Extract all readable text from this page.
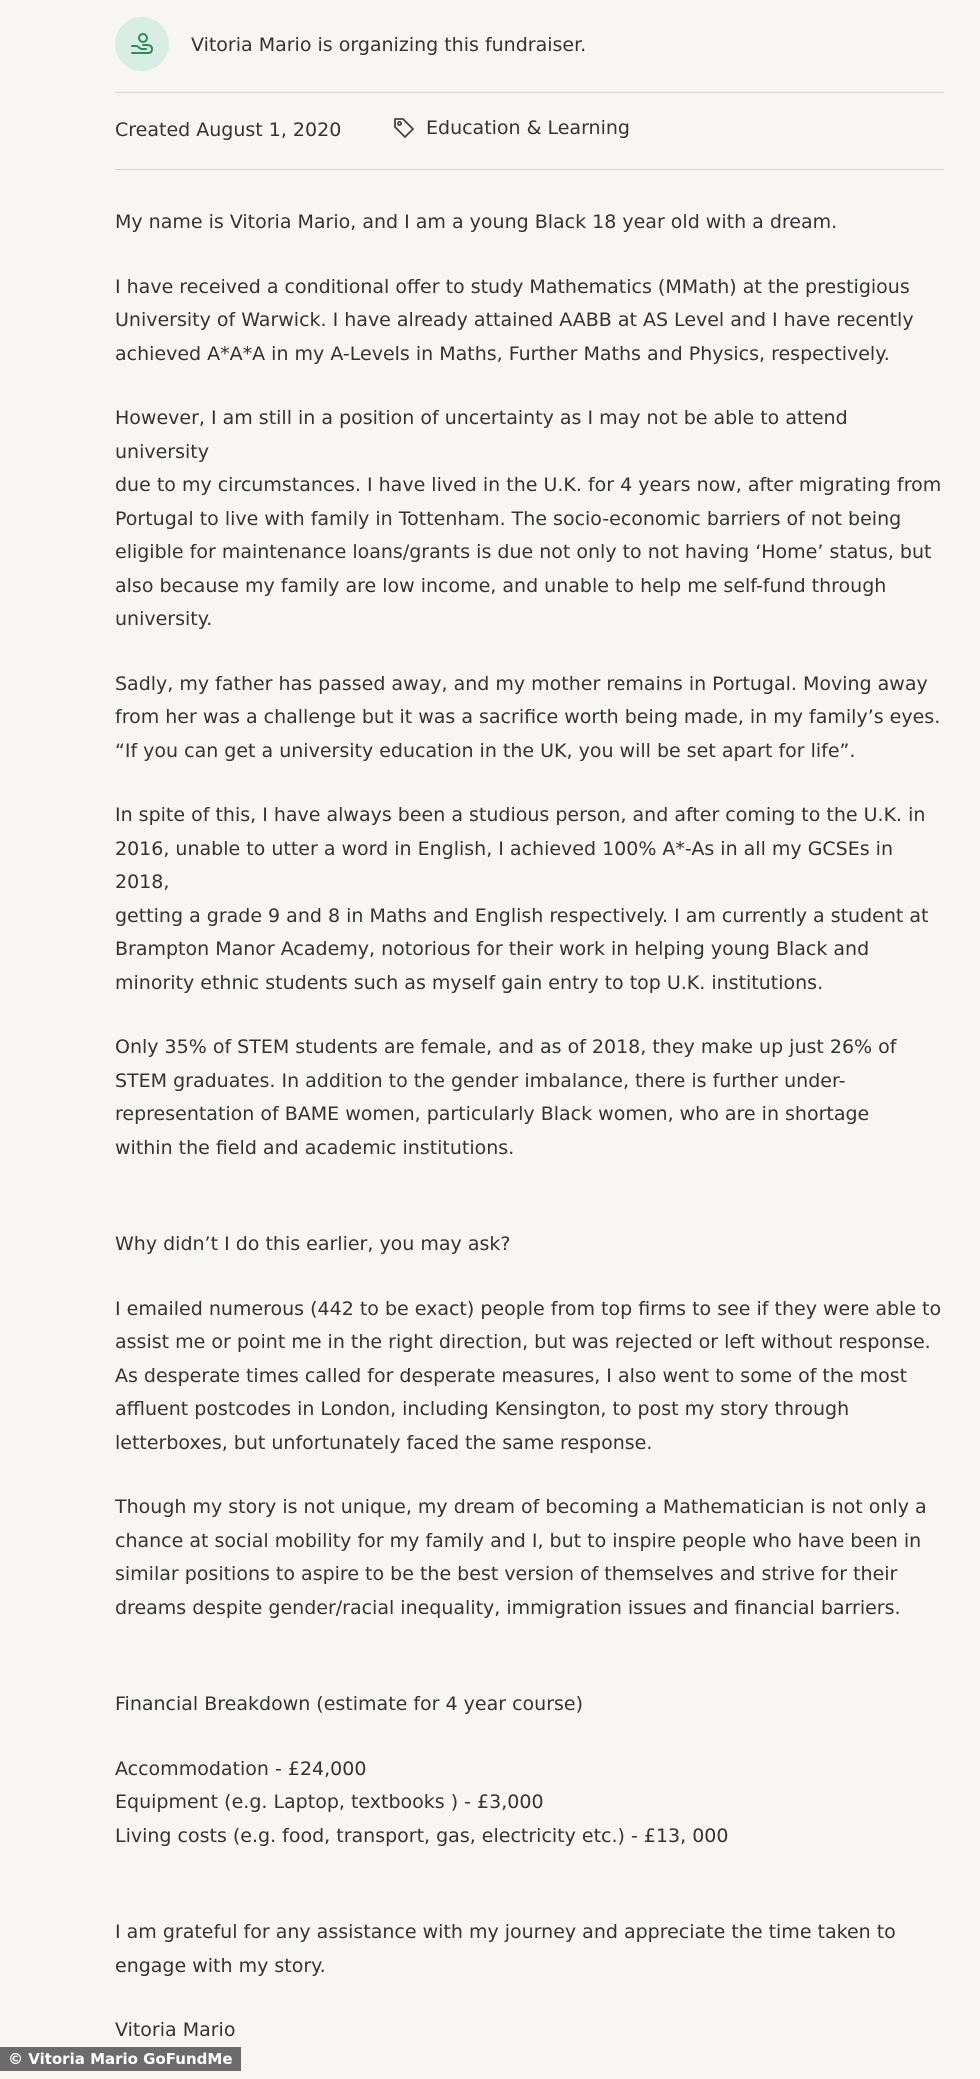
Vitoria Mario is organizing this fundraiser.
Created August 1, 2020	Education & Learning

My name is Vitoria Mario, and I am a young Black 18 year old with a dream.

I have received a conditional offer to study Mathematics (MMath) at the prestigious
University of Warwick. I have already attained AABB at AS Level and I have recently
achieved A*A*A in my A-Levels in Maths, Further Maths and Physics, respectively.

However, I am still in a position of uncertainty as I may not be able to attend university
due to my circumstances. I have lived in the U.K. for 4 years now, after migrating from
Portugal to live with family in Tottenham. The socio-economic barriers of not being
eligible for maintenance loans/grants is due not only to not having ‘Home’ status, but
also because my family are low income, and unable to help me self-fund through
university.

Sadly, my father has passed away, and my mother remains in Portugal. Moving away
from her was a challenge but it was a sacrifice worth being made, in my family’s eyes.
“If you can get a university education in the UK, you will be set apart for life”.

In spite of this, I have always been a studious person, and after coming to the U.K. in
2016, unable to utter a word in English, I achieved 100% A*-As in all my GCSEs in 2018,
getting a grade 9 and 8 in Maths and English respectively. I am currently a student at
Brampton Manor Academy, notorious for their work in helping young Black and
minority ethnic students such as myself gain entry to top U.K. institutions.

Only 35% of STEM students are female, and as of 2018, they make up just 26% of
STEM graduates. In addition to the gender imbalance, there is further under-
representation of BAME women, particularly Black women, who are in shortage
within the field and academic institutions.

Why didn’t I do this earlier, you may ask?

I emailed numerous (442 to be exact) people from top firms to see if they were able to
assist me or point me in the right direction, but was rejected or left without response.
As desperate times called for desperate measures, I also went to some of the most
affluent postcodes in London, including Kensington, to post my story through
letterboxes, but unfortunately faced the same response.

Though my story is not unique, my dream of becoming a Mathematician is not only a
chance at social mobility for my family and I, but to inspire people who have been in
similar positions to aspire to be the best version of themselves and strive for their
dreams despite gender/racial inequality, immigration issues and financial barriers.

Financial Breakdown (estimate for 4 year course)

Accommodation - £24,000
Equipment (e.g. Laptop, textbooks ) - £3,000
Living costs (e.g. food, transport, gas, electricity etc.) - £13, 000

I am grateful for any assistance with my journey and appreciate the time taken to
engage with my story.

Vitoria Mario

© Vitoria Mario GoFundMe
